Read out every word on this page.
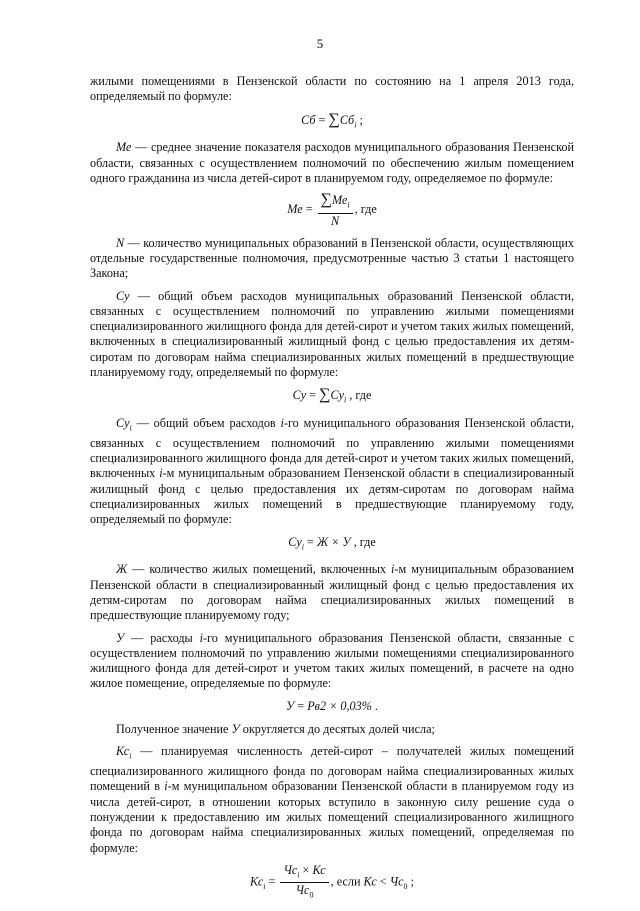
5

жилыми помещениями в Пензенской области по состоянию на 1 апреля 2013 года, определяемый по формуле:

Сб = $\sum Сб_i$ ;

Ме — среднее значение показателя расходов муниципального образования Пензенской области, связанных с осуществлением полномочий по обеспечению жилым помещением одного гражданина из числа детей-сирот в планируемом году, определяемое по формуле:

Ме = $\frac{\sum Ме_i}{N}$ , где

N — количество муниципальных образований в Пензенской области, осуществляющих отдельные государственные полномочия, предусмотренные частью 3 статьи 1 настоящего Закона;

Су — общий объем расходов муниципальных образований Пензенской области, связанных с осуществлением полномочий по управлению жилыми помещениями специализированного жилищного фонда для детей-сирот и учетом таких жилых помещений, включенных в специализированный жилищный фонд с целью предоставления их детям-сиротам по договорам найма специализированных жилых помещений в предшествующие планируемому году, определяемый по формуле:

Су = $\sum Су_i$ , где

$Су_i$ — общий объем расходов i-го муниципального образования Пензенской области, связанных с осуществлением полномочий по управлению жилыми помещениями специализированного жилищного фонда для детей-сирот и учетом таких жилых помещений, включенных i-м муниципальным образованием Пензенской области в специализированный жилищный фонд с целью предоставления их детям-сиротам по договорам найма специализированных жилых помещений в предшествующие планируемому году, определяемый по формуле:

$Су_i = Ж \times У$ , где

Ж — количество жилых помещений, включенных i-м муниципальным образованием Пензенской области в специализированный жилищный фонд с целью предоставления их детям-сиротам по договорам найма специализированных жилых помещений в предшествующие планируемому году;

У — расходы i-го муниципального образования Пензенской области, связанные с осуществлением полномочий по управлению жилыми помещениями специализированного жилищного фонда для детей-сирот и учетом таких жилых помещений, в расчете на одно жилое помещение, определяемые по формуле:

У = Рв2 × 0,03% .

Полученное значение У округляется до десятых долей числа;

$Кс_i$ — планируемая численность детей-сирот – получателей жилых помещений специализированного жилищного фонда по договорам найма специализированных жилых помещений в i-м муниципальном образовании Пензенской области в планируемом году из числа детей-сирот, в отношении которых вступило в законную силу решение суда о понуждении к предоставлению им жилых помещений специализированного жилищного фонда по договорам найма специализированных жилых помещений, определяемая по формуле:

$Кс_i = \frac{Чс_i \times Кс}{Чс_0}$ , если Кс < $Чс_0$ ;
